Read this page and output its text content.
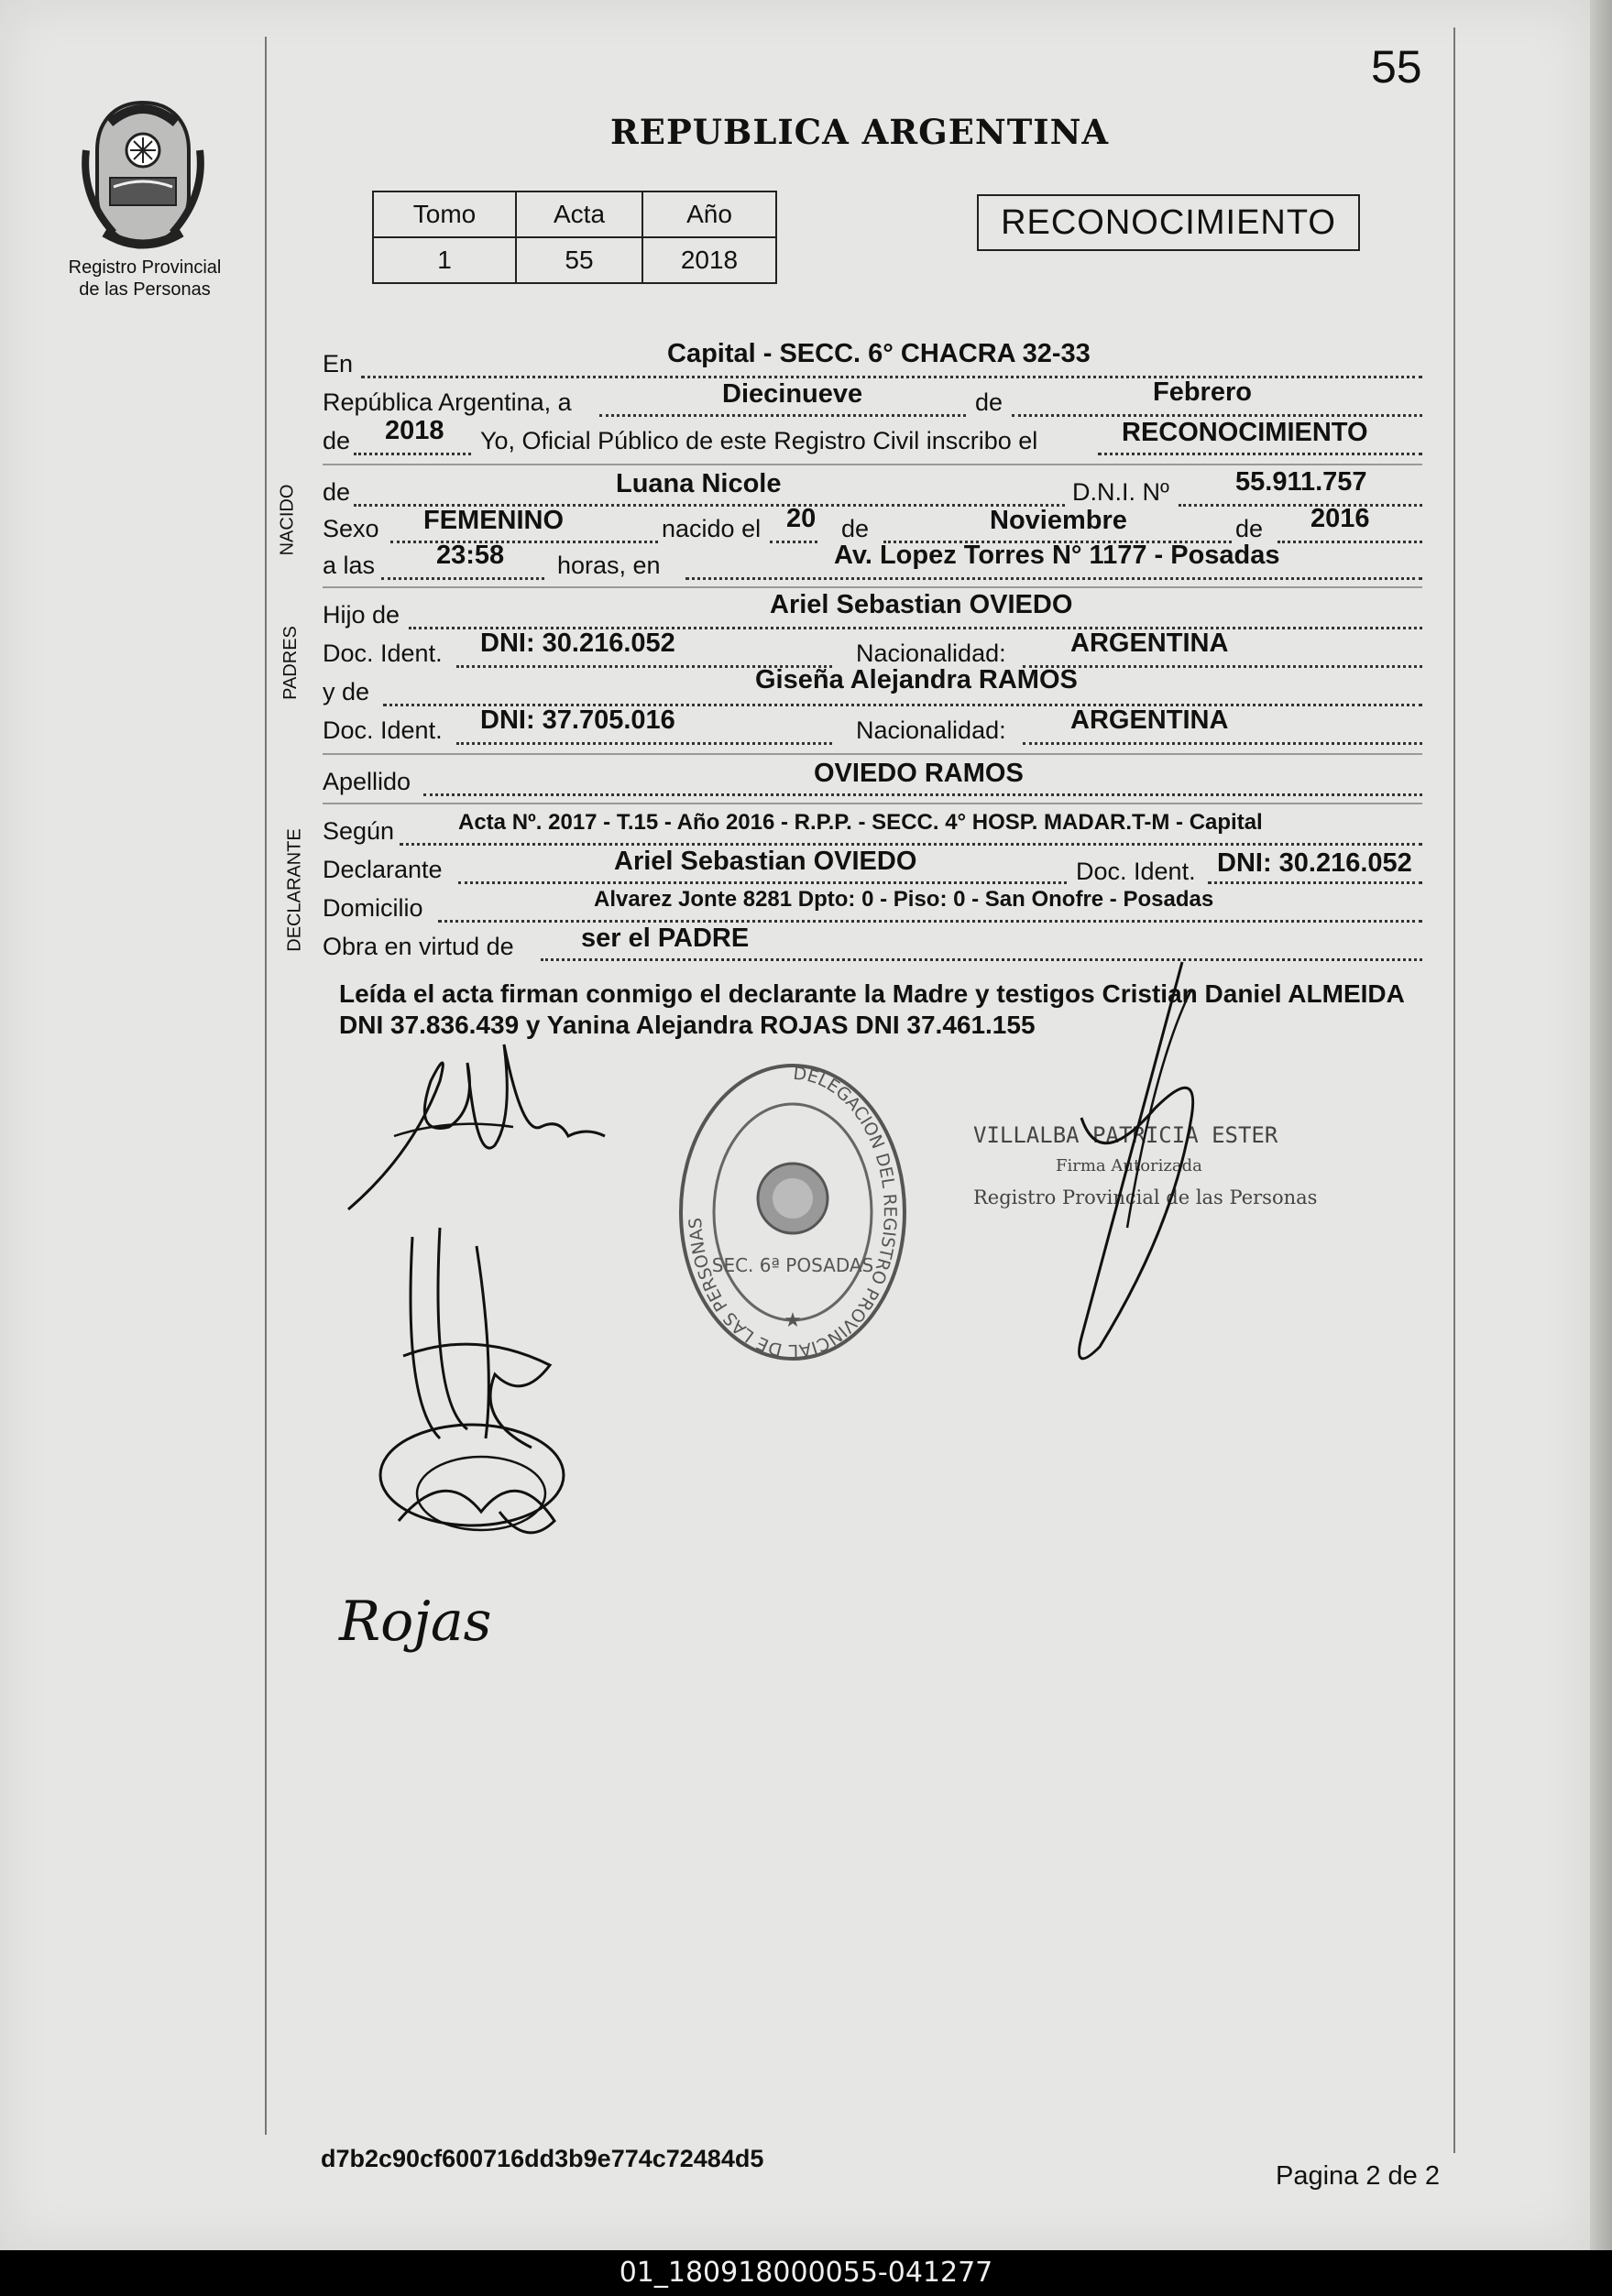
55
REPUBLICA ARGENTINA
Registro Provincial
de las Personas
Tomo	Acta	Año
1	55	2018
RECONOCIMIENTO
En	Capital - SECC. 6° CHACRA 32-33
República Argentina, a	Diecinueve	de	Febrero
de 2018 Yo, Oficial Público de este Registro Civil inscribo el	RECONOCIMIENTO
de	Luana Nicole	D.N.I. Nº 55.911.757
Sexo FEMENINO	nacido el 20 de	Noviembre	de 2016
a las 23:58 horas, en	Av. Lopez Torres N° 1177 - Posadas
Hijo de	Ariel Sebastian OVIEDO
Doc. Ident. DNI: 30.216.052	Nacionalidad: ARGENTINA
y de	Giseña Alejandra RAMOS
Doc. Ident. DNI: 37.705.016	Nacionalidad: ARGENTINA
Apellido	OVIEDO RAMOS
Según	Acta Nº. 2017 - T.15 - Año 2016 - R.P.P. - SECC. 4° HOSP. MADAR.T-M - Capital
Declarante	Ariel Sebastian OVIEDO	Doc. Ident. DNI: 30.216.052
Domicilio	Alvarez Jonte 8281 Dpto: 0 - Piso: 0 - San Onofre - Posadas
Obra en virtud de	ser el PADRE
NACIDO
PADRES
DECLARANTE
Leída el acta firman conmigo el declarante la Madre y testigos Cristian Daniel ALMEIDA DNI 37.836.439 y Yanina Alejandra ROJAS DNI 37.461.155
DELEGACION DEL REGISTRO PROVINCIAL DE LAS PERSONAS
SEC. 6ª POSADAS
★
VILLALBA PATRICIA ESTER
Firma Autorizada
Registro Provincial de las Personas
Rojas
d7b2c90cf600716dd3b9e774c72484d5
Pagina 2 de 2
01_180918000055-041277
